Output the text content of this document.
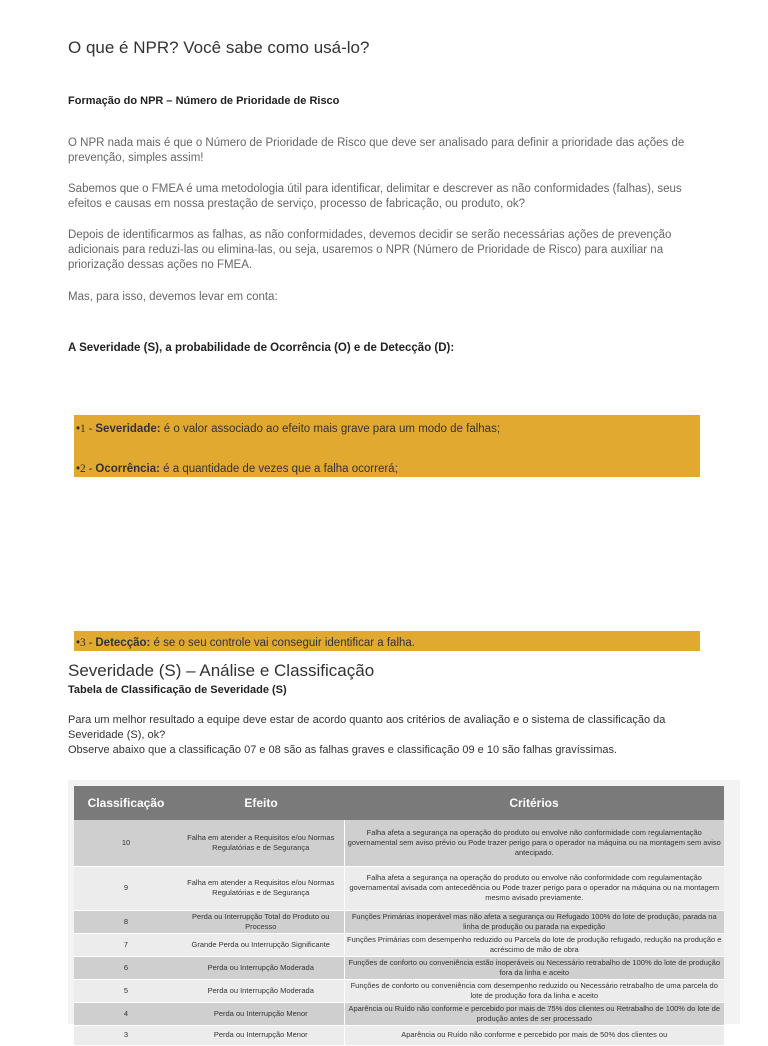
O que é NPR? Você sabe como usá-lo?
Formação do NPR – Número de Prioridade de Risco
O NPR nada mais é que o Número de Prioridade de Risco que deve ser analisado para definir a prioridade das ações de prevenção, simples assim!
Sabemos que o FMEA é uma metodologia útil para identificar, delimitar e descrever as não conformidades (falhas), seus efeitos e causas em nossa prestação de serviço, processo de fabricação, ou produto, ok?
Depois de identificarmos as falhas, as não conformidades, devemos decidir se serão necessárias ações de prevenção adicionais para reduzi-las ou elimina-las, ou seja, usaremos o NPR (Número de Prioridade de Risco) para auxiliar na priorização dessas ações no FMEA.
Mas, para isso, devemos levar em conta:
A Severidade (S), a probabilidade de Ocorrência (O) e de Detecção (D):
•1 - Severidade: é o valor associado ao efeito mais grave para um modo de falhas;
•2 - Ocorrência: é a quantidade de vezes que a falha ocorrerá;
•3 - Detecção: é se o seu controle vai conseguir identificar a falha.
Severidade (S) – Análise e Classificação
Tabela de Classificação de Severidade (S)
Para um melhor resultado a equipe deve estar de acordo quanto aos critérios de avaliação e o sistema de classificação da Severidade (S), ok?
Observe abaixo que a classificação 07 e 08 são as falhas graves e classificação 09 e 10 são falhas gravíssimas.
Classificação	Efeito	Critérios
10	Falha em atender a Requisitos e/ou Normas Regulatórias e de Segurança	Falha afeta a segurança na operação do produto ou envolve não conformidade com regulamentação governamental sem aviso prévio ou Pode trazer perigo para o operador na máquina ou na montagem sem aviso antecipado.
9	Falha em atender a Requisitos e/ou Normas Regulatórias e de Segurança	Falha afeta a segurança na operação do produto ou envolve não conformidade com regulamentação governamental avisada com antecedência ou Pode trazer perigo para o operador na máquina ou na montagem mesmo avisado previamente.
8	Perda ou Interrupção Total do Produto ou Processo	Funções Primárias inoperável mas não afeta a segurança ou Refugado 100% do lote de produção, parada na linha de produção ou parada na expedição
7	Grande Perda ou Interrupção Significante	Funções Primárias com desempenho reduzido ou Parcela do lote de produção refugado, redução na produção e acréscimo de mão de obra
6	Perda ou Interrupção Moderada	Funções de conforto ou conveniência estão inoperáveis ou Necessário retrabalho de 100% do lote de produção fora da linha e aceito
5	Perda ou Interrupção Moderada	Funções de conforto ou conveniência com desempenho reduzido ou Necessário retrabalho de uma parcela do lote de produção fora da linha e aceito
4	Perda ou Interrupção Menor	Aparência ou Ruído não conforme e percebido por mais de 75% dos clientes ou Retrabalho de 100% do lote de produção antes de ser processado
3	Perda ou Interrupção Menor	Aparência ou Ruído não conforme e percebido por mais de 50% dos clientes ou
